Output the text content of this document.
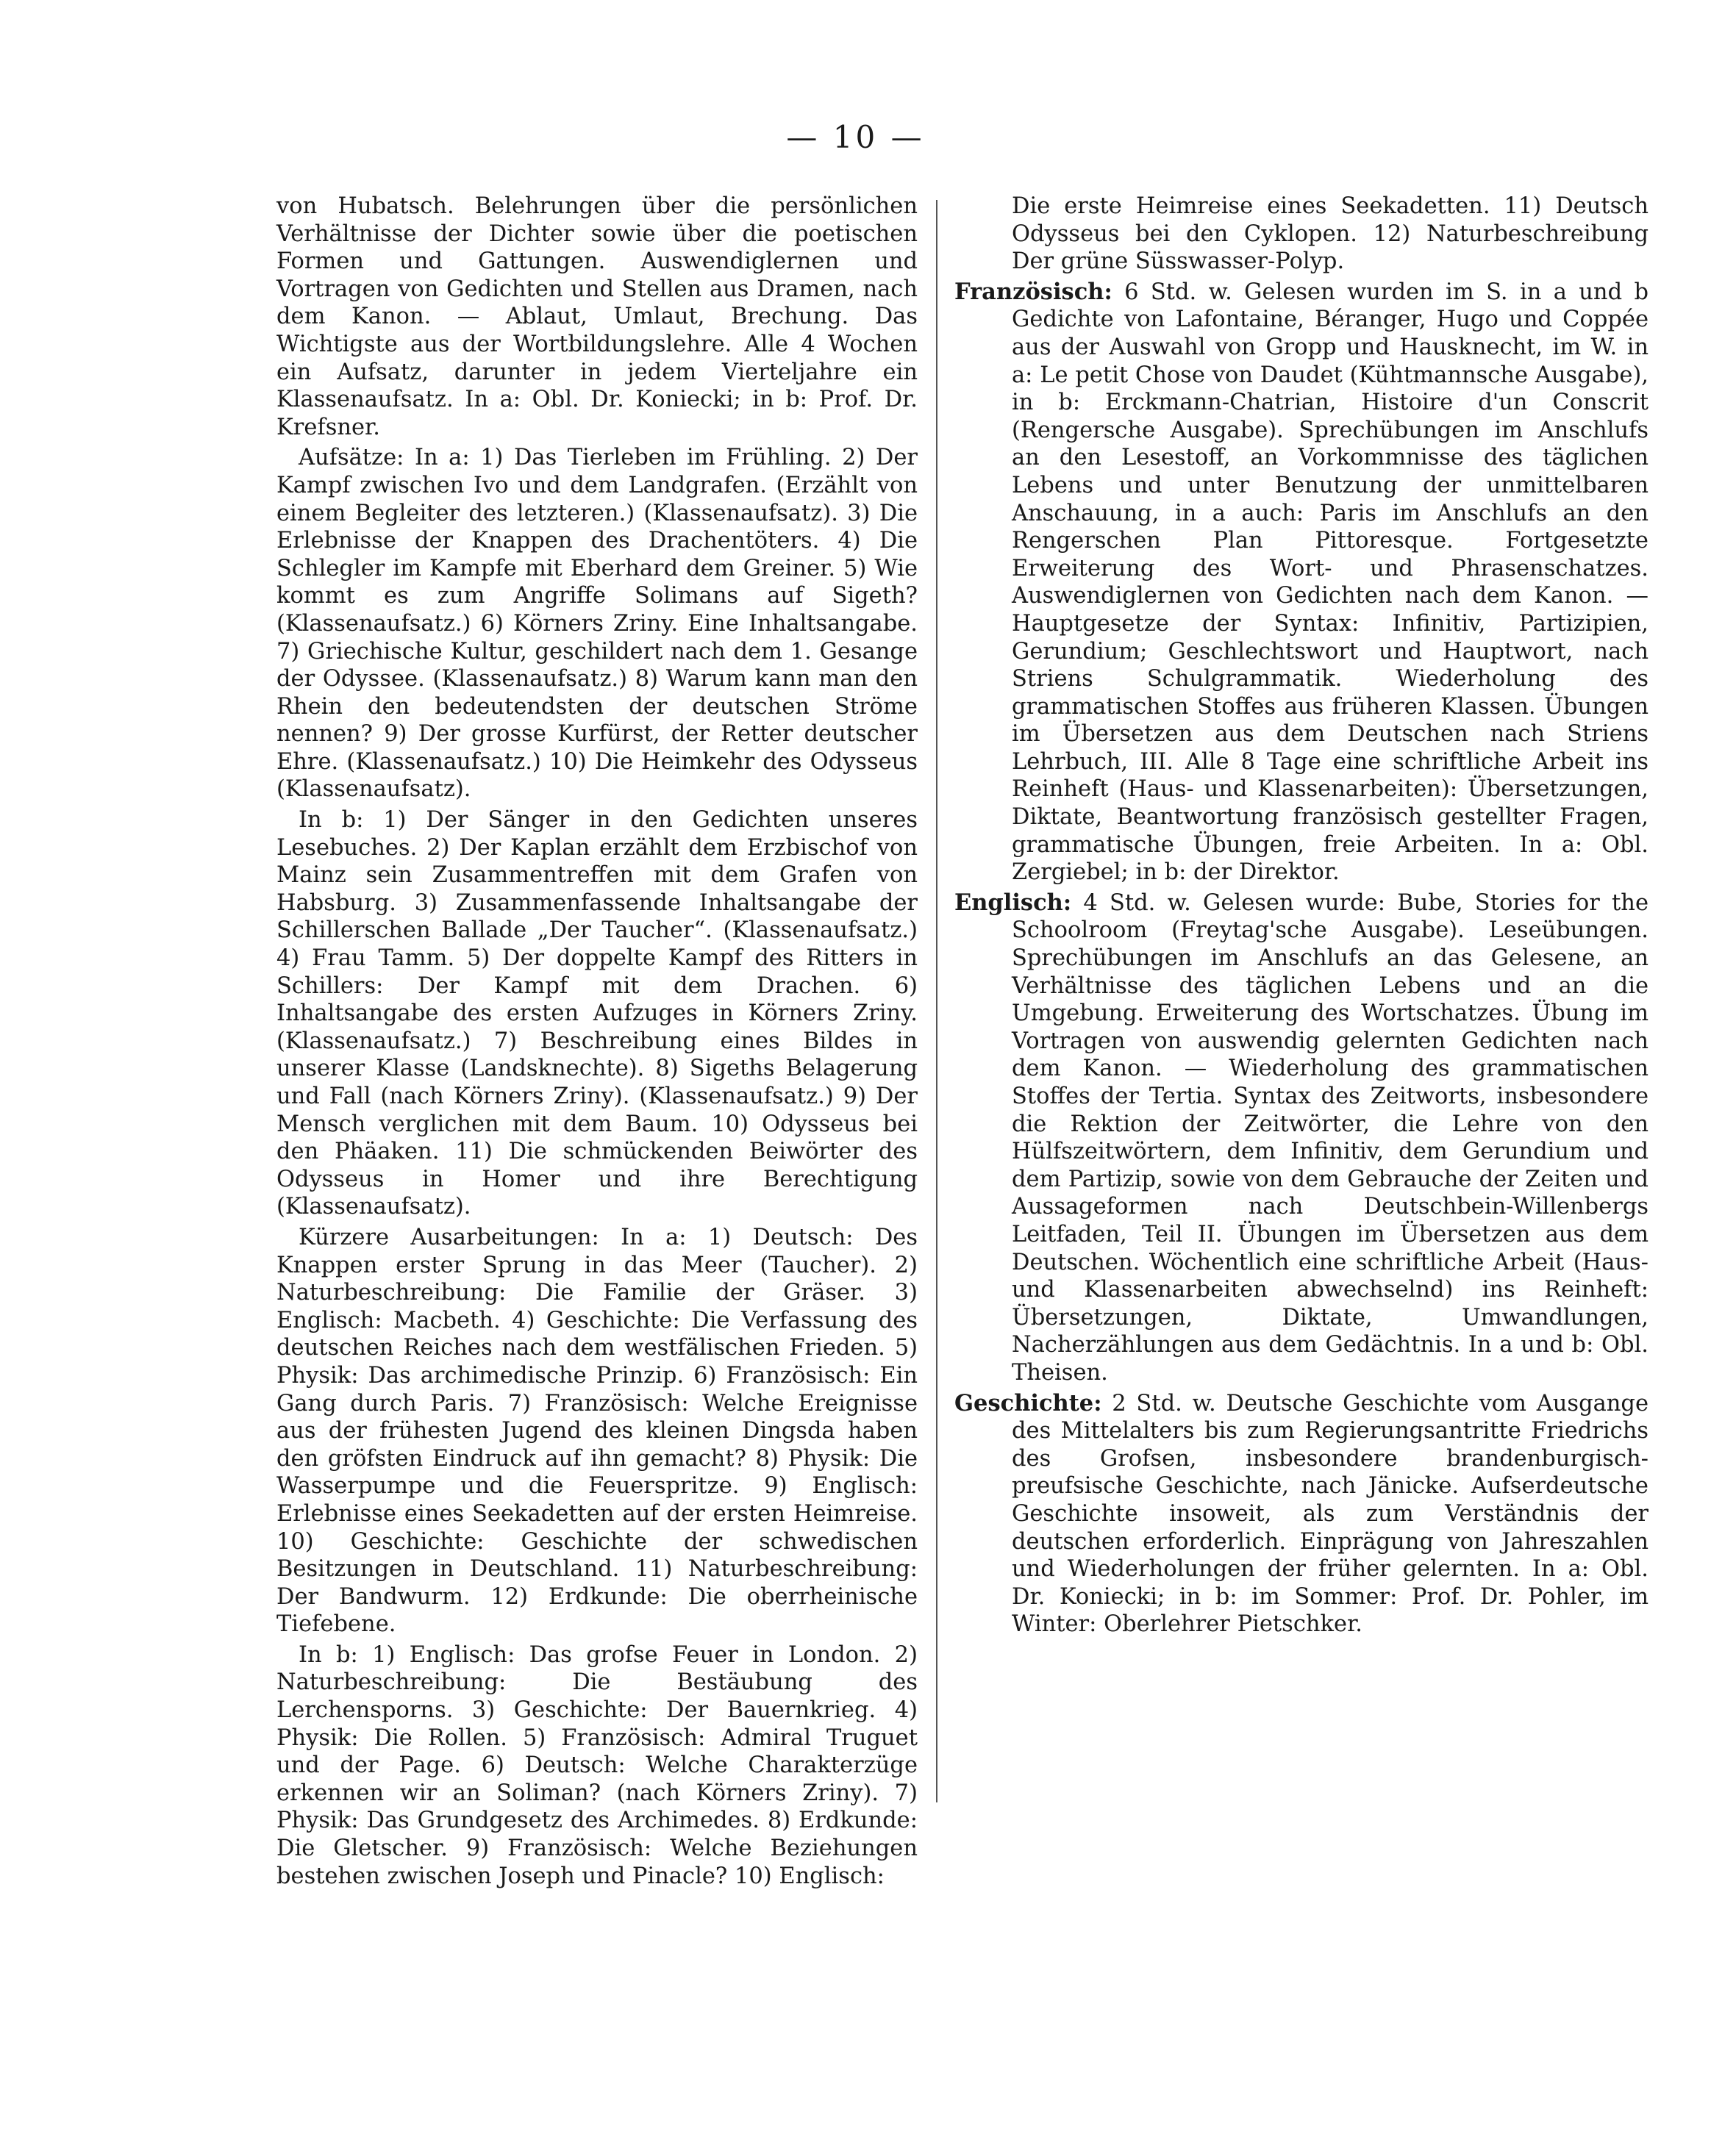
— 10 —

von Hubatsch. Belehrungen über die persönlichen Verhältnisse der Dichter sowie über die poetischen Formen und Gattungen. Auswendiglernen und Vortragen von Gedichten und Stellen aus Dramen, nach dem Kanon. — Ablaut, Umlaut, Brechung. Das Wichtigste aus der Wortbildungslehre. Alle 4 Wochen ein Aufsatz, darunter in jedem Vierteljahre ein Klassenaufsatz. In a: Obl. Dr. Koniecki; in b: Prof. Dr. Krefsner.

Aufsätze: In a: 1) Das Tierleben im Frühling. 2) Der Kampf zwischen Ivo und dem Landgrafen. (Erzählt von einem Begleiter des letzteren.) (Klassenaufsatz). 3) Die Erlebnisse der Knappen des Drachentöters. 4) Die Schlegler im Kampfe mit Eberhard dem Greiner. 5) Wie kommt es zum Angriffe Solimans auf Sigeth? (Klassenaufsatz.) 6) Körners Zriny. Eine Inhaltsangabe. 7) Griechische Kultur, geschildert nach dem 1. Gesange der Odyssee. (Klassenaufsatz.) 8) Warum kann man den Rhein den bedeutendsten der deutschen Ströme nennen? 9) Der grosse Kurfürst, der Retter deutscher Ehre. (Klassenaufsatz.) 10) Die Heimkehr des Odysseus (Klassenaufsatz).

In b: 1) Der Sänger in den Gedichten unseres Lesebuches. 2) Der Kaplan erzählt dem Erzbischof von Mainz sein Zusammentreffen mit dem Grafen von Habsburg. 3) Zusammenfassende Inhaltsangabe der Schillerschen Ballade „Der Taucher“. (Klassenaufsatz.) 4) Frau Tamm. 5) Der doppelte Kampf des Ritters in Schillers: Der Kampf mit dem Drachen. 6) Inhaltsangabe des ersten Aufzuges in Körners Zriny. (Klassenaufsatz.) 7) Beschreibung eines Bildes in unserer Klasse (Landsknechte). 8) Sigeths Belagerung und Fall (nach Körners Zriny). (Klassenaufsatz.) 9) Der Mensch verglichen mit dem Baum. 10) Odysseus bei den Phäaken. 11) Die schmückenden Beiwörter des Odysseus in Homer und ihre Berechtigung (Klassenaufsatz).

Kürzere Ausarbeitungen: In a: 1) Deutsch: Des Knappen erster Sprung in das Meer (Taucher). 2) Naturbeschreibung: Die Familie der Gräser. 3) Englisch: Macbeth. 4) Geschichte: Die Verfassung des deutschen Reiches nach dem westfälischen Frieden. 5) Physik: Das archimedische Prinzip. 6) Französisch: Ein Gang durch Paris. 7) Französisch: Welche Ereignisse aus der frühesten Jugend des kleinen Dingsda haben den gröfsten Eindruck auf ihn gemacht? 8) Physik: Die Wasserpumpe und die Feuerspritze. 9) Englisch: Erlebnisse eines Seekadetten auf der ersten Heimreise. 10) Geschichte: Geschichte der schwedischen Besitzungen in Deutschland. 11) Naturbeschreibung: Der Bandwurm. 12) Erdkunde: Die oberrheinische Tiefebene.

In b: 1) Englisch: Das grofse Feuer in London. 2) Naturbeschreibung: Die Bestäubung des Lerchensporns. 3) Geschichte: Der Bauernkrieg. 4) Physik: Die Rollen. 5) Französisch: Admiral Truguet und der Page. 6) Deutsch: Welche Charakterzüge erkennen wir an Soliman? (nach Körners Zriny). 7) Physik: Das Grundgesetz des Archimedes. 8) Erdkunde: Die Gletscher. 9) Französisch: Welche Beziehungen bestehen zwischen Joseph und Pinacle? 10) Englisch:

Die erste Heimreise eines Seekadetten. 11) Deutsch Odysseus bei den Cyklopen. 12) Naturbeschreibung Der grüne Süsswasser-Polyp.

Französisch: 6 Std. w. Gelesen wurden im S. in a und b Gedichte von Lafontaine, Béranger, Hugo und Coppée aus der Auswahl von Gropp und Hausknecht, im W. in a: Le petit Chose von Daudet (Kühtmannsche Ausgabe), in b: Erckmann-Chatrian, Histoire d'un Conscrit (Rengersche Ausgabe). Sprechübungen im Anschlufs an den Lesestoff, an Vorkommnisse des täglichen Lebens und unter Benutzung der unmittelbaren Anschauung, in a auch: Paris im Anschlufs an den Rengerschen Plan Pittoresque. Fortgesetzte Erweiterung des Wort- und Phrasenschatzes. Auswendiglernen von Gedichten nach dem Kanon. — Hauptgesetze der Syntax: Infinitiv, Partizipien, Gerundium; Geschlechtswort und Hauptwort, nach Striens Schulgrammatik. Wiederholung des grammatischen Stoffes aus früheren Klassen. Übungen im Übersetzen aus dem Deutschen nach Striens Lehrbuch, III. Alle 8 Tage eine schriftliche Arbeit ins Reinheft (Haus- und Klassenarbeiten): Übersetzungen, Diktate, Beantwortung französisch gestellter Fragen, grammatische Übungen, freie Arbeiten. In a: Obl. Zergiebel; in b: der Direktor.

Englisch: 4 Std. w. Gelesen wurde: Bube, Stories for the Schoolroom (Freytag'sche Ausgabe). Leseübungen. Sprechübungen im Anschlufs an das Gelesene, an Verhältnisse des täglichen Lebens und an die Umgebung. Erweiterung des Wortschatzes. Übung im Vortragen von auswendig gelernten Gedichten nach dem Kanon. — Wiederholung des grammatischen Stoffes der Tertia. Syntax des Zeitworts, insbesondere die Rektion der Zeitwörter, die Lehre von den Hülfszeitwörtern, dem Infinitiv, dem Gerundium und dem Partizip, sowie von dem Gebrauche der Zeiten und Aussageformen nach Deutschbein-Willenbergs Leitfaden, Teil II. Übungen im Übersetzen aus dem Deutschen. Wöchentlich eine schriftliche Arbeit (Haus- und Klassenarbeiten abwechselnd) ins Reinheft: Übersetzungen, Diktate, Umwandlungen, Nacherzählungen aus dem Gedächtnis. In a und b: Obl. Theisen.

Geschichte: 2 Std. w. Deutsche Geschichte vom Ausgange des Mittelalters bis zum Regierungsantritte Friedrichs des Grofsen, insbesondere brandenburgisch-preufsische Geschichte, nach Jänicke. Aufserdeutsche Geschichte insoweit, als zum Verständnis der deutschen erforderlich. Einprägung von Jahreszahlen und Wiederholungen der früher gelernten. In a: Obl. Dr. Koniecki; in b: im Sommer: Prof. Dr. Pohler, im Winter: Oberlehrer Pietschker.
